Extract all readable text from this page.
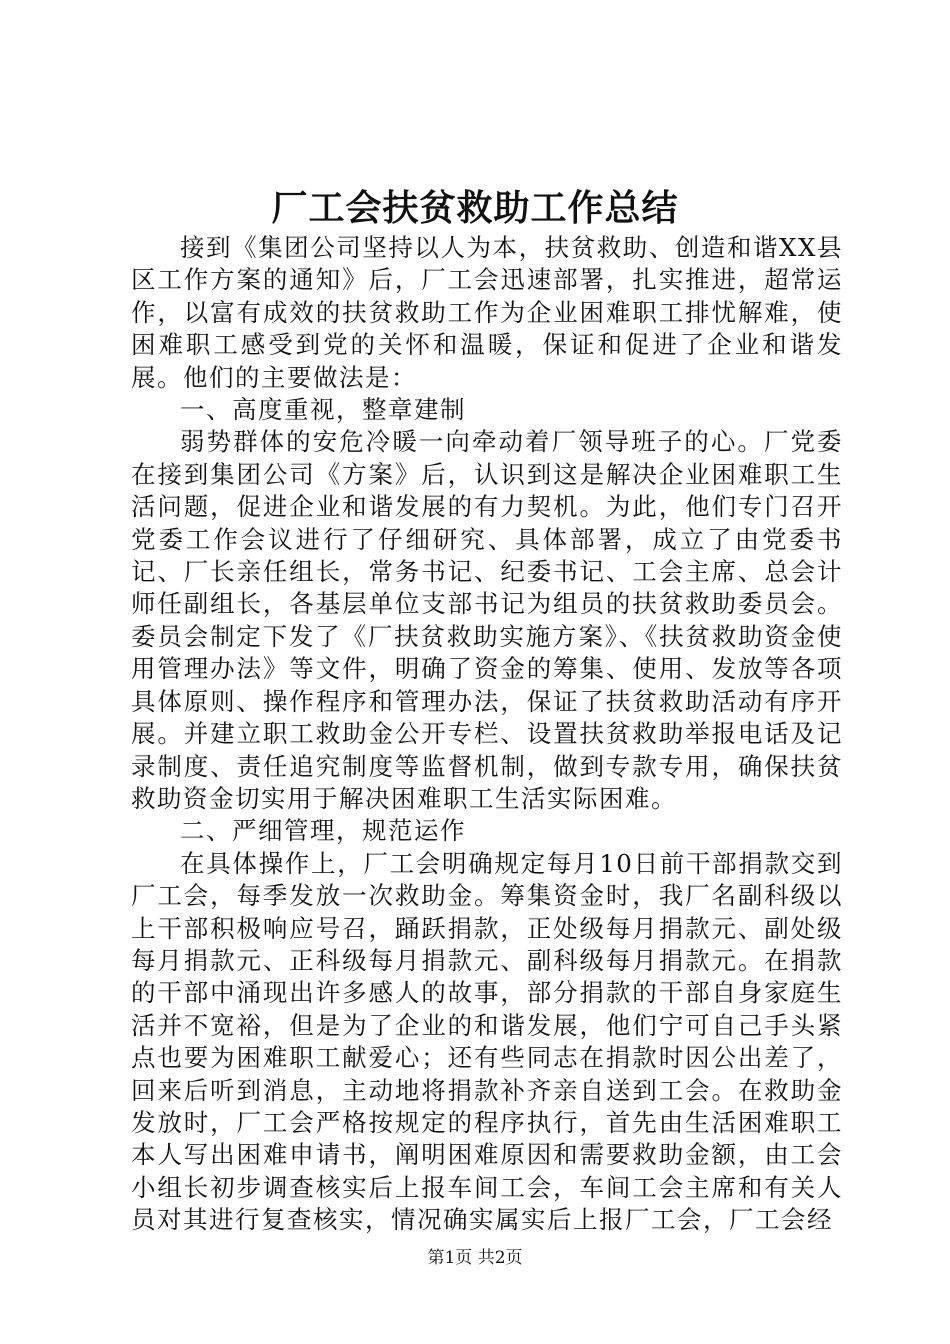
厂工会扶贫救助工作总结

接到《集团公司坚持以人为本，扶贫救助、创造和谐XX县区工作方案的通知》后，厂工会迅速部署，扎实推进，超常运作，以富有成效的扶贫救助工作为企业困难职工排忧解难，使困难职工感受到党的关怀和温暖，保证和促进了企业和谐发展。他们的主要做法是：

一、高度重视，整章建制

弱势群体的安危冷暖一向牵动着厂领导班子的心。厂党委在接到集团公司《方案》后，认识到这是解决企业困难职工生活问题，促进企业和谐发展的有力契机。为此，他们专门召开党委工作会议进行了仔细研究、具体部署，成立了由党委书记、厂长亲任组长，常务书记、纪委书记、工会主席、总会计师任副组长，各基层单位支部书记为组员的扶贫救助委员会。委员会制定下发了《厂扶贫救助实施方案》、《扶贫救助资金使用管理办法》等文件，明确了资金的筹集、使用、发放等各项具体原则、操作程序和管理办法，保证了扶贫救助活动有序开展。并建立职工救助金公开专栏、设置扶贫救助举报电话及记录制度、责任追究制度等监督机制，做到专款专用，确保扶贫救助资金切实用于解决困难职工生活实际困难。

二、严细管理，规范运作

在具体操作上，厂工会明确规定每月10日前干部捐款交到厂工会，每季发放一次救助金。筹集资金时，我厂名副科级以上干部积极响应号召，踊跃捐款，正处级每月捐款元、副处级每月捐款元、正科级每月捐款元、副科级每月捐款元。在捐款的干部中涌现出许多感人的故事，部分捐款的干部自身家庭生活并不宽裕，但是为了企业的和谐发展，他们宁可自己手头紧点也要为困难职工献爱心；还有些同志在捐款时因公出差了，回来后听到消息，主动地将捐款补齐亲自送到工会。在救助金发放时，厂工会严格按规定的程序执行，首先由生活困难职工本人写出困难申请书，阐明困难原因和需要救助金额，由工会小组长初步调查核实后上报车间工会，车间工会主席和有关人员对其进行复查核实，情况确实属实后上报厂工会，厂工会经

第1页 共2页
